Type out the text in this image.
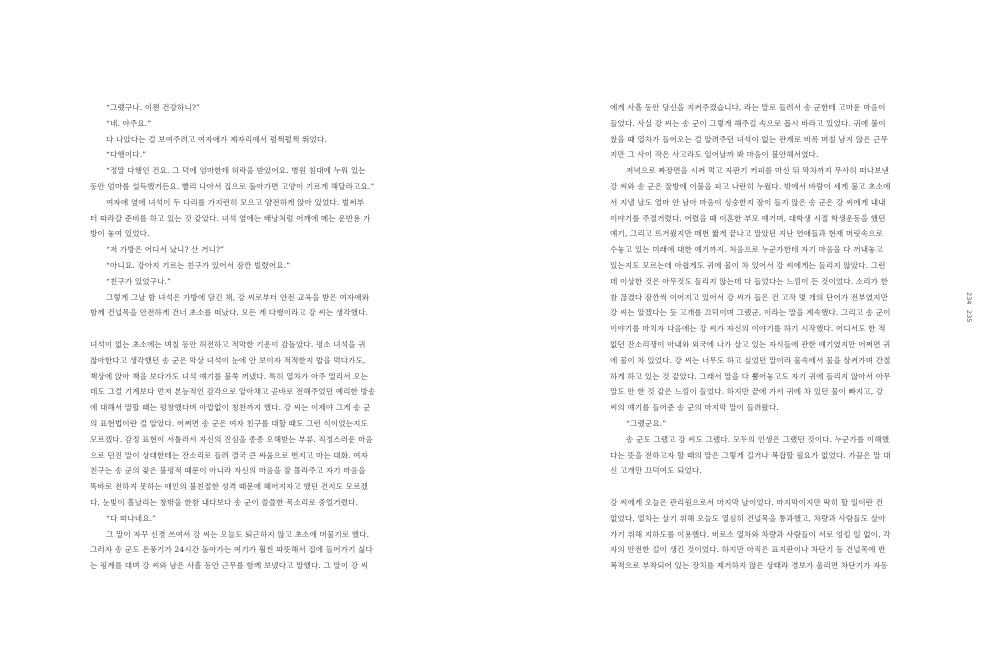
“그랬구나. 이젠 건강하니?”

“네. 아주요.”

다 나았다는 걸 보여주려고 여자애가 제자리에서 펄쩍펄쩍 뛰었다.

“다행이다.”

“정말 다행인 건요. 그 덕에 엄마한테 허락을 받았어요. 병원 침대에 누워 있는

동안 엄마를 설득했거든요. 빨리 나아서 집으로 돌아가면 고양이 기르게 해달라고요.”

여자애 옆에 녀석이 두 다리를 가지런히 모으고 얌전하게 앉아 있었다. 벌써부

터 따라갈 준비를 하고 있는 것 같았다. 녀석 옆에는 배낭처럼 어깨에 메는 운반용 가

방이 놓여 있었다.

“저 가방은 어디서 났니? 산 거니?”

“아니요. 강아지 기르는 친구가 있어서 잠깐 빌렸어요.”

“친구가 있었구나.”

그렇게 그날 밤 녀석은 가방에 담긴 채, 강 씨로부터 안전 교육을 받은 여자애와

함께 건널목을 안전하게 건너 초소를 떠났다. 모든 게 다행이라고 강 씨는 생각했다.

녀석이 없는 초소에는 며칠 동안 허전하고 적막한 기운이 감돌았다. 평소 녀석을 귀

찮아한다고 생각했던 송 군은 막상 녀석이 눈에 안 보이자 적적한지 밥을 먹다가도,

책상에 앉아 책을 보다가도 녀석 얘기를 불쑥 꺼냈다. 특히 열차가 아주 멀리서 오는

데도 그걸 기계보다 먼저 본능적인 감각으로 알아채고 곧바로 전해주었던 예리한 방송

에 대해서 말할 때는 평창했다며 아깝없이 칭찬까지 했다. 강 씨는 이제야 그게 송 군

의 표현법이란 걸 알았다. 어쩌면 송 군은 여자 친구를 대할 때도 그런 식이었는지도

모르겠다. 감정 표현이 서툴러서 자신의 진심을 종종 오해받는 부류. 직정스러운 마음

으로 던진 말이 상대한테는 잔소리로 들려 결국 큰 싸움으로 번지고 마는 대화. 여자

친구는 송 군의 잦은 불평적 때문이 아니라 자신의 마음을 잘 몰라주고 자기 마음을

똑바로 전하지 못하는 애인의 불친절한 성격 때문에 헤어지자고 했던 건지도 모르겠

다. 눈빛이 흘날리는 창밖을 한참 내다보다 송 군이 쓸쓸한 목소리로 중얼거렸다.

“다 떠나네요.”

그 말이 자꾸 신경 쓰여서 강 씨는 오늘도 퇴근하지 않고 초소에 머물기로 했다.

그러자 송 군도 온풍기가 24시간 돌아가는 여기가 훨씬 따뜻해서 집에 들어가기 싫다

는 핑계를 대며 강 씨와 남은 사흘 동안 근무를 함께 보냈다고 말했다. 그 말이 강 씨

에게 사흘 동안 당신을 지켜주겠습니다, 라는 말로 들려서 송 군한테 고마운 마음이

들었다. 사실 강 씨는 송 군이 그렇게 해주길 속으로 몹시 바라고 있었다. 귀에 불이

찼을 때 열차가 들어오는 걸 알려주던 녀석이 없는 관계로 비록 며칠 남지 않은 근무

지만 그 사이 작은 사고라도 일어날까 봐 마음이 불안해서였다.

저녁으로 짜장면을 시켜 먹고 자판기 커피를 마신 뒤 막차까지 무사히 떠나보낸

강 씨와 송 군은 잘방에 이불을 피고 나란히 누웠다. 밖에서 바람이 세게 불고 초소에

서 지낼 날도 얼마 안 남아 마음이 싱숭한지 잠이 들지 않은 송 군은 강 씨에게 내내

이야기를 주절거렸다. 어렸을 때 이혼한 부모 얘기며, 대학생 시절 학생운동을 했던

얘기, 그리고 뜨거웠지만 매번 짧게 끝나고 말았던 지난 연애들과 현재 머릿속으로

수놓고 있는 미래에 대한 얘기까지. 처음으로 누군가한테 자기 마음을 다 꺼내놓고

있는지도 모르는데 아쉽게도 귀에 물이 차 있어서 강 씨에게는 들리지 않았다. 그런

데 이상한 것은 아무것도 들리지 않는데 다 들었다는 느낌이 든 것이었다. 소리가 한

참 끊겼다 잠깐씩 이어지고 있어서 강 씨가 들은 건 고작 몇 개의 단어가 전부였지만

강 씨는 알겠다는 듯 고개를 끄덕이며 그랬군, 이라는 말을 계속했다. 그리고 송 군이

이야기를 마치자 다음에는 강 씨가 자신의 이야기를 하기 시작했다. 어디서도 한 적

없던 잔소리쟁이 아내와 외국에 나가 살고 있는 자식들에 관한 얘기였지만 어쩌면 귀

에 물이 차 있었다. 강 씨는 너무도 하고 싶었던 말이라 물속에서 물을 삼켜가며 간절

하게 하고 있는 것 같았다. 그래서 말을 다 뿜어놓고도 자기 귀에 들리지 않아서 아무

말도 안 한 것 같은 느낌이 들었다. 하지만 끝에 가서 귀에 차 있던 물이 빠지고, 강

씨의 얘기를 들어준 송 군의 마지막 말이 들려왔다.

“그랬군요.”

송 군도 그랬고 강 씨도 그랬다. 모두의 인생은 그랬던 것이다. 누군가를 이해했

다는 뜻을 전하고자 할 때의 말은 그렇게 길거나 복잡할 필요가 없었다. 가끔은 말 대

신 고개만 끄덕여도 되었다.

강 씨에게 오늘은 관리원으로서 마지막 날이었다. 마지막이지만 딱히 할 일이란 건

없었다. 열차는 살기 위해 오늘도 열심히 건널목을 통과했고, 차량과 사람들도 살아

가기 위해 지하도를 이용했다. 비로소 열차와 차량과 사람들이 서로 엉킬 일 없이, 각

자의 안전한 길이 생긴 것이었다. 하지만 아직은 표지판이나 차단기 등 건널목에 반

복적으로 부착되어 있는 장치를 제거하지 않은 상태라 경보가 울리면 차단기가 자동

234
235
